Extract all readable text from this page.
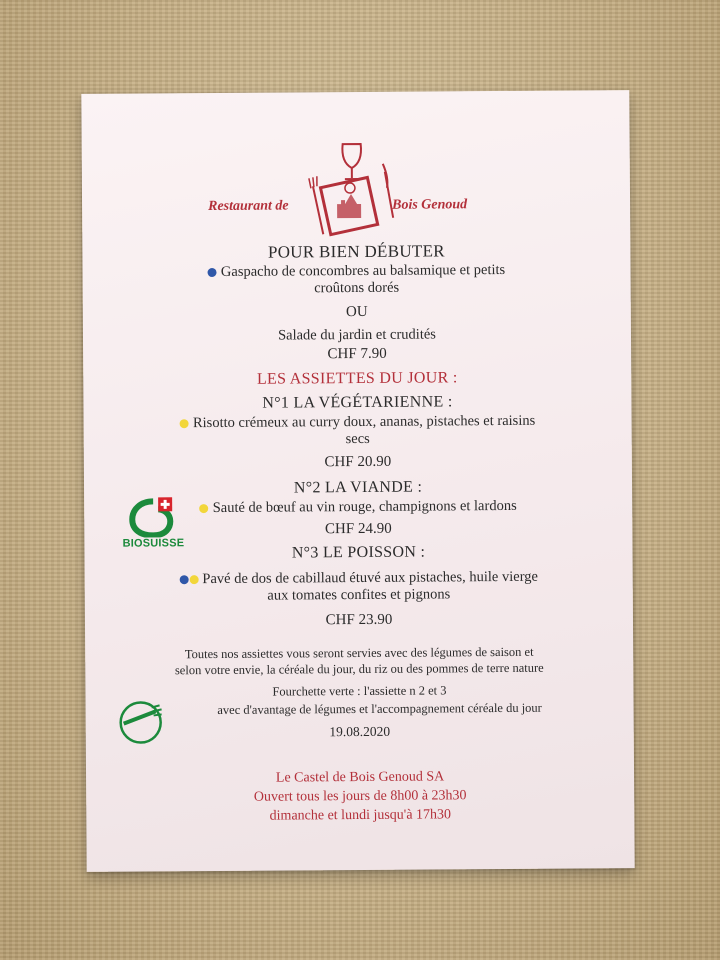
Restaurant de	Bois Genoud
POUR BIEN DÉBUTER
Gaspacho de concombres au balsamique et petits
croûtons dorés
OU
Salade du jardin et crudités
CHF 7.90
LES ASSIETTES DU JOUR :
N°1 LA VÉGÉTARIENNE :
Risotto crémeux au curry doux, ananas, pistaches et raisins
secs
CHF 20.90
N°2 LA VIANDE :
Sauté de bœuf au vin rouge, champignons et lardons
CHF 24.90
BIOSUISSE
N°3 LE POISSON :
Pavé de dos de cabillaud étuvé aux pistaches, huile vierge
aux tomates confites et pignons
CHF 23.90
Toutes nos assiettes vous seront servies avec des légumes de saison et
selon votre envie, la céréale du jour, du riz ou des pommes de terre nature
Fourchette verte : l'assiette n 2 et 3
avec d'avantage de légumes et l'accompagnement céréale du jour
19.08.2020
Le Castel de Bois Genoud SA
Ouvert tous les jours de 8h00 à 23h30
dimanche et lundi jusqu'à 17h30
